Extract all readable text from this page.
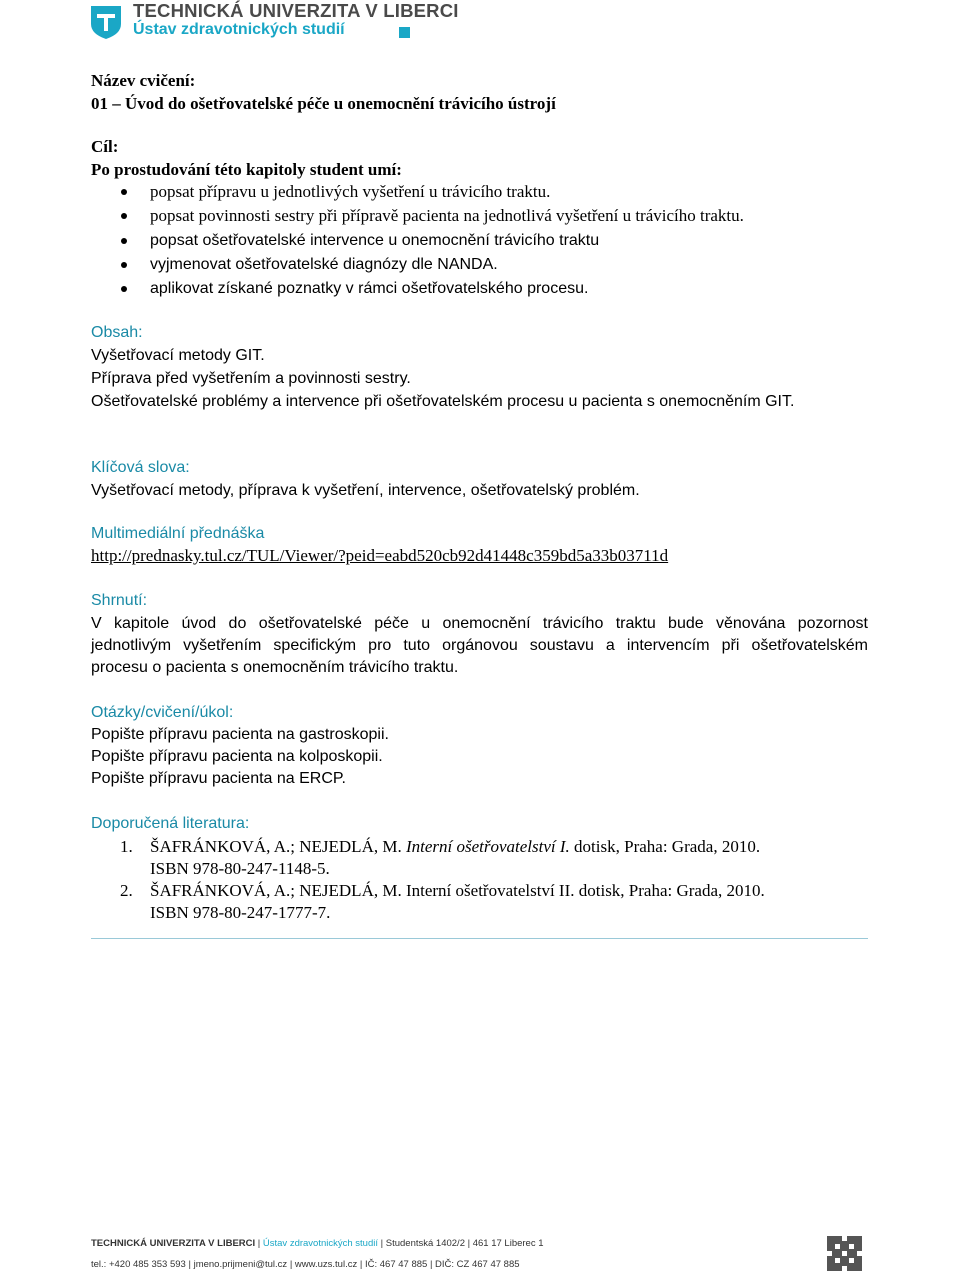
TECHNICKÁ UNIVERZITA V LIBERCI
Ústav zdravotnických studií
Název cvičení:
01 – Úvod do ošetřovatelské péče u onemocnění trávicího ústrojí
Cíl:
Po prostudování této kapitoly student umí:
popsat přípravu u jednotlivých vyšetření u trávicího traktu.
popsat povinnosti sestry při přípravě pacienta na jednotlivá vyšetření u trávicího traktu.
popsat ošetřovatelské intervence u onemocnění trávicího traktu
vyjmenovat ošetřovatelské diagnózy dle NANDA.
aplikovat získané poznatky v rámci ošetřovatelského procesu.
Obsah:
Vyšetřovací metody GIT.
Příprava před vyšetřením a povinnosti sestry.
Ošetřovatelské problémy a intervence při ošetřovatelském procesu u pacienta s onemocněním GIT.
Klíčová slova:
Vyšetřovací metody, příprava k vyšetření, intervence, ošetřovatelský problém.
Multimediální přednáška
http://prednasky.tul.cz/TUL/Viewer/?peid=eabd520cb92d41448c359bd5a33b03711d
Shrnutí:
V kapitole úvod do ošetřovatelské péče u onemocnění trávicího traktu bude věnována pozornost
jednotlivým vyšetřením specifickým pro tuto orgánovou soustavu a intervencím při ošetřovatelském
procesu o pacienta s onemocněním trávicího traktu.
Otázky/cvičení/úkol:
Popište přípravu pacienta na gastroskopii.
Popište přípravu pacienta na kolposkopii.
Popište přípravu pacienta na ERCP.
Doporučená literatura:
1. ŠAFRÁNKOVÁ, A.; NEJEDLÁ, M. Interní ošetřovatelství I. dotisk, Praha: Grada, 2010.
ISBN 978-80-247-1148-5.
2. ŠAFRÁNKOVÁ, A.; NEJEDLÁ, M. Interní ošetřovatelství II. dotisk, Praha: Grada, 2010.
ISBN 978-80-247-1777-7.
TECHNICKÁ UNIVERZITA V LIBERCI | Ústav zdravotnických studií | Studentská 1402/2 | 461 17 Liberec 1
tel.: +420 485 353 593 | jmeno.prijmeni@tul.cz | www.uzs.tul.cz | IČ: 467 47 885 | DIČ: CZ 467 47 885
